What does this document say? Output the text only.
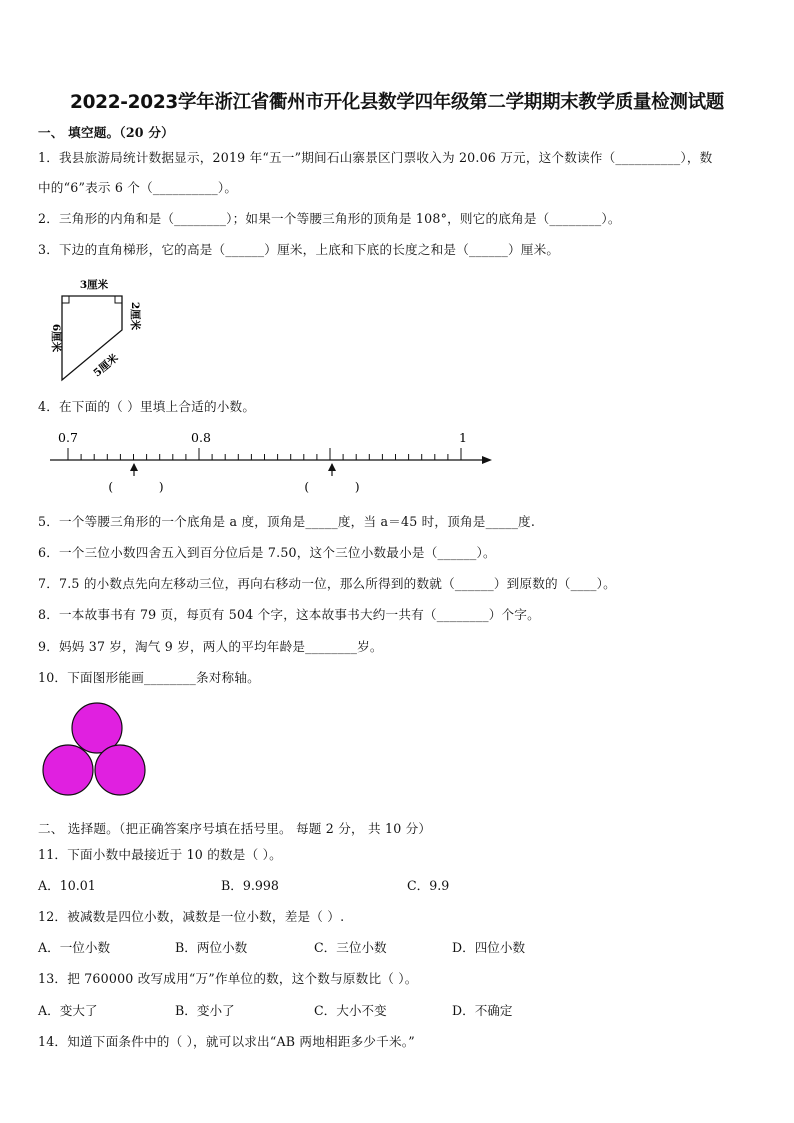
2022-2023学年浙江省衢州市开化县数学四年级第二学期期末教学质量检测试题
一、 填空题。（20 分）
1．我县旅游局统计数据显示，2019 年“五一”期间石山寨景区门票收入为 20.06 万元，这个数读作（__________），数
中的“6”表示 6 个（__________）。
2．三角形的内角和是（________）；如果一个等腰三角形的顶角是 108°，则它的底角是（________）。
3．下边的直角梯形，它的高是（______）厘米，上底和下底的长度之和是（______）厘米。
3厘米
6厘米
2厘米
5厘米
4．在下面的（ ）里填上合适的小数。
0.7	0.8	1
(            )	(            )
5．一个等腰三角形的一个底角是 a 度，顶角是_____度，当 a＝45 时，顶角是_____度.
6．一个三位小数四舍五入到百分位后是 7.50，这个三位小数最小是（______）。
7．7.5 的小数点先向左移动三位，再向右移动一位，那么所得到的数就（______）到原数的（____）。
8．一本故事书有 79 页，每页有 504 个字，这本故事书大约一共有（________）个字。
9．妈妈 37 岁，淘气 9 岁，两人的平均年龄是________岁。
10．下面图形能画________条对称轴。
二、 选择题。（把正确答案序号填在括号里。 每题 2 分， 共 10 分）
11．下面小数中最接近于 10 的数是（ ）。
A．10.01	B．9.998	C．9.9
12．被减数是四位小数，减数是一位小数，差是（ ）.
A．一位小数	B．两位小数	C．三位小数	D．四位小数
13．把 760000 改写成用“万”作单位的数，这个数与原数比（ ）。
A．变大了	B．变小了	C．大小不变	D．不确定
14．知道下面条件中的（ ），就可以求出“AB 两地相距多少千米。”
